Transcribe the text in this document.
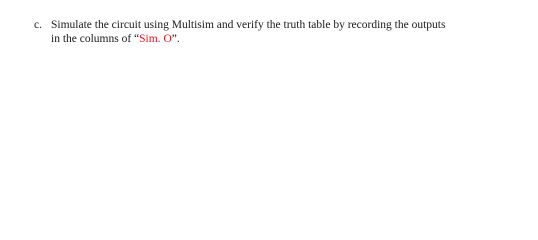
c. Simulate the circuit using Multisim and verify the truth table by recording the outputs
in the columns of “Sim. O”.
